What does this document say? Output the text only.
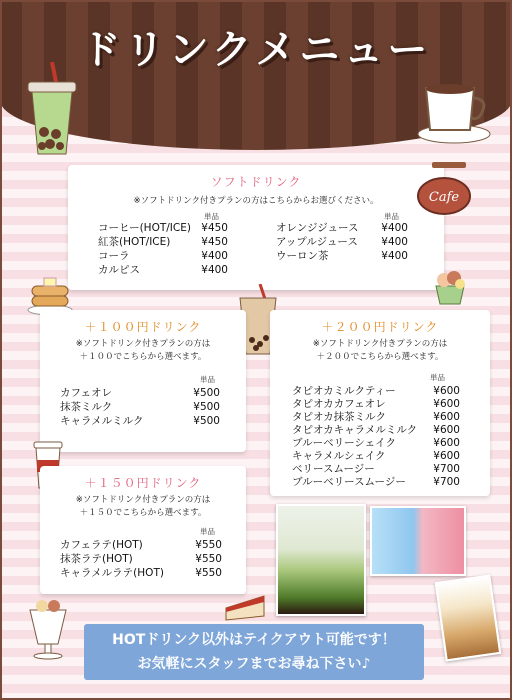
ドリンクメニュー
ソフトドリンク
※ソフトドリンク付きプランの方はこちらからお選びください。
単品	単品
コーヒー(HOT/ICE) ¥450
紅茶(HOT/ICE)	¥450
コーラ	¥400
カルピス	¥400
オレンジジュース ¥400
アップルジュース ¥400
ウーロン茶	¥400
Cafe
＋１００円ドリンク
※ソフトドリンク付きプランの方は
＋１００でこちらから選べます。
単品
カフェオレ	¥500
抹茶ミルク	¥500
キャラメルミルク	¥500
＋２００円ドリンク
※ソフトドリンク付きプランの方は
＋２００でこちらから選べます。
単品
タピオカミルクティー	¥600
タピオカカフェオレ	¥600
タピオカ抹茶ミルク	¥600
タピオカキャラメルミルク ¥600
ブルーベリーシェイク	¥600
キャラメルシェイク	¥600
ベリースムージー	¥700
ブルーベリースムージー	¥700
＋１５０円ドリンク
※ソフトドリンク付きプランの方は
＋１５０でこちらから選べます。
単品
カフェラテ(HOT)	¥550
抹茶ラテ(HOT)	¥550
キャラメルラテ(HOT)	¥550
HOTドリンク以外はテイクアウト可能です！
お気軽にスタッフまでお尋ね下さい♪
